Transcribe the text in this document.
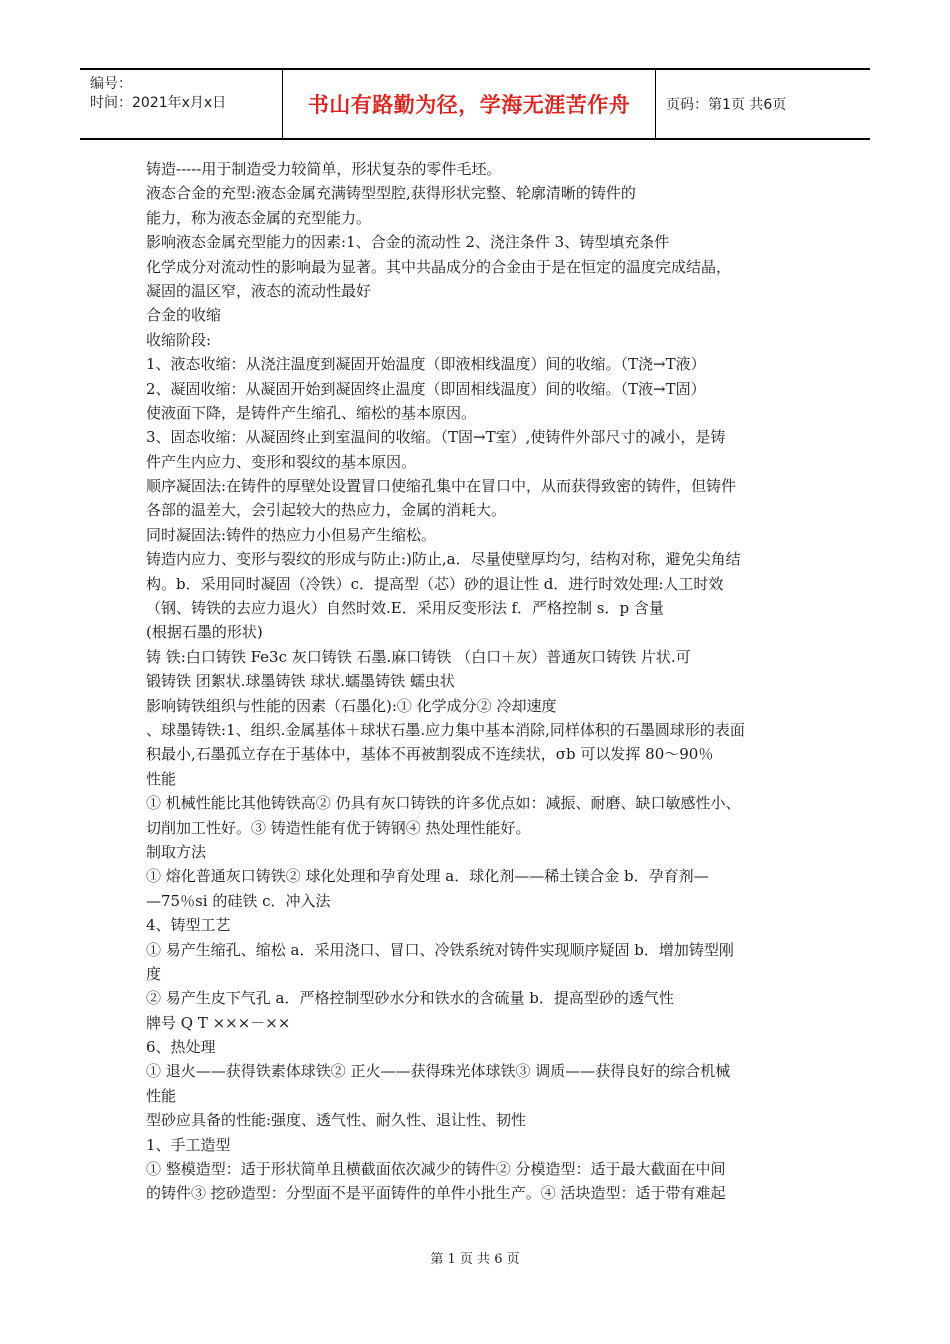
编号：
时间：2021年x月x日	书山有路勤为径，学海无涯苦作舟	页码：第1页 共6页
铸造-----用于制造受力较简单，形状复杂的零件毛坯。
液态合金的充型:液态金属充满铸型型腔,获得形状完整、轮廓清晰的铸件的
能力，称为液态金属的充型能力。
影响液态金属充型能力的因素:1、合金的流动性 2、浇注条件 3、铸型填充条件
化学成分对流动性的影响最为显著。其中共晶成分的合金由于是在恒定的温度完成结晶，
凝固的温区窄，液态的流动性最好
合金的收缩
收缩阶段:
1、液态收缩：从浇注温度到凝固开始温度（即液相线温度）间的收缩。（T浇→T液）
2、凝固收缩：从凝固开始到凝固终止温度（即固相线温度）间的收缩。（T液→T固）
使液面下降，是铸件产生缩孔、缩松的基本原因。
3、固态收缩：从凝固终止到室温间的收缩。（T固→T室）,使铸件外部尺寸的减小，是铸
件产生内应力、变形和裂纹的基本原因。
顺序凝固法:在铸件的厚壁处设置冒口使缩孔集中在冒口中，从而获得致密的铸件，但铸件
各部的温差大，会引起较大的热应力，金属的消耗大。
同时凝固法:铸件的热应力小但易产生缩松。
铸造内应力、变形与裂纹的形成与防止:)防止,a．尽量使壁厚均匀，结构对称，避免尖角结
构。b．采用同时凝固（冷铁）c．提高型（芯）砂的退让性 d．进行时效处理:人工时效
（钢、铸铁的去应力退火）自然时效.E．采用反变形法 f．严格控制 s．p 含量
(根据石墨的形状)
铸 铁:白口铸铁 Fe3c 灰口铸铁 石墨.麻口铸铁 （白口＋灰）普通灰口铸铁 片状.可
锻铸铁 团絮状.球墨铸铁 球状.蠕墨铸铁 蠕虫状
影响铸铁组织与性能的因素（石墨化):① 化学成分② 冷却速度
、球墨铸铁:1、组织.金属基体＋球状石墨.应力集中基本消除,同样体积的石墨圆球形的表面
积最小,石墨孤立存在于基体中，基体不再被割裂成不连续状，σb 可以发挥 80～90％
性能
① 机械性能比其他铸铁高② 仍具有灰口铸铁的许多优点如：减振、耐磨、缺口敏感性小、
切削加工性好。③ 铸造性能有优于铸钢④ 热处理性能好。
制取方法
① 熔化普通灰口铸铁② 球化处理和孕育处理 a．球化剂——稀土镁合金 b．孕育剂—
—75％si 的硅铁 c．冲入法
4、铸型工艺
① 易产生缩孔、缩松 a．采用浇口、冒口、冷铁系统对铸件实现顺序疑固 b．增加铸型刚
度
② 易产生皮下气孔 a．严格控制型砂水分和铁水的含硫量 b．提高型砂的透气性
牌号 Q T ×××－××
6、热处理
① 退火——获得铁素体球铁② 正火——获得珠光体球铁③ 调质——获得良好的综合机械
性能
型砂应具备的性能:强度、透气性、耐久性、退让性、韧性
1、手工造型
① 整模造型：适于形状简单且横截面依次减少的铸件② 分模造型：适于最大截面在中间
的铸件③ 挖砂造型：分型面不是平面铸件的单件小批生产。④ 活块造型：适于带有难起
第 1 页 共 6 页
